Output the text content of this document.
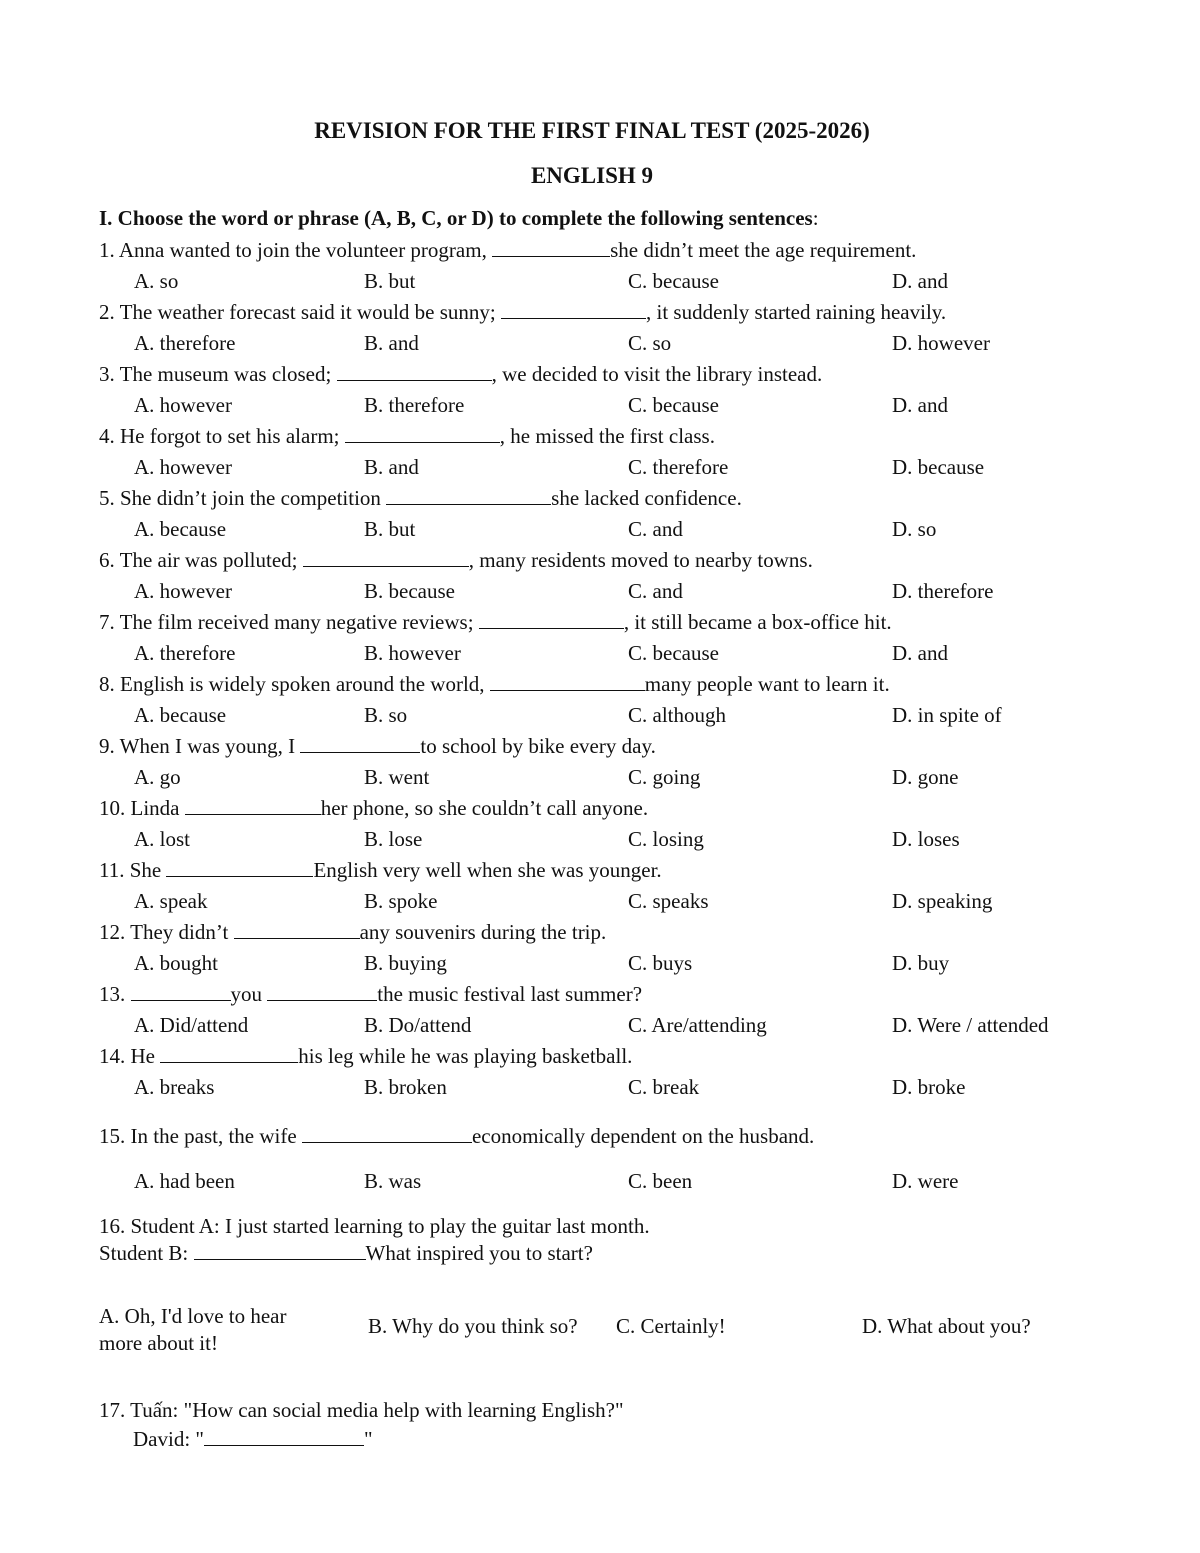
REVISION FOR THE FIRST FINAL TEST (2025-2026)
ENGLISH 9
I. Choose the word or phrase (A, B, C, or D) to complete the following sentences:
1. Anna wanted to join the volunteer program,	she didn’t meet the age requirement.
A. so	B. but	C. because	D. and
2. The weather forecast said it would be sunny;	, it suddenly started raining heavily.
A. therefore	B. and	C. so	D. however
3. The museum was closed;	, we decided to visit the library instead.
A. however	B. therefore	C. because	D. and
4. He forgot to set his alarm;	, he missed the first class.
A. however	B. and	C. therefore	D. because
5. She didn’t join the competition	she lacked confidence.
A. because	B. but	C. and	D. so
6. The air was polluted;	, many residents moved to nearby towns.
A. however	B. because	C. and	D. therefore
7. The film received many negative reviews;	, it still became a box-office hit.
A. therefore	B. however	C. because	D. and
8. English is widely spoken around the world,	many people want to learn it.
A. because	B. so	C. although	D. in spite of
9. When I was young, I	to school by bike every day.
A. go	B. went	C. going	D. gone
10. Linda	her phone, so she couldn’t call anyone.
A. lost	B. lose	C. losing	D. loses
11. She	English very well when she was younger.
A. speak	B. spoke	C. speaks	D. speaking
12. They didn’t	any souvenirs during the trip.
A. bought	B. buying	C. buys	D. buy
13.	you	the music festival last summer?
A. Did/attend	B. Do/attend	C. Are/attending	D. Were / attended
14. He	his leg while he was playing basketball.
A. breaks	B. broken	C. break	D. broke
15. In the past, the wife	economically dependent on the husband.
A. had been	B. was	C. been	D. were
16. Student A: I just started learning to play the guitar last month.
Student B:	What inspired you to start?
A. Oh, I'd love to hear more about it!
B. Why do you think so? C. Certainly!	D. What about you?
17. Tuấn: "How can social media help with learning English?"
David: "	"
